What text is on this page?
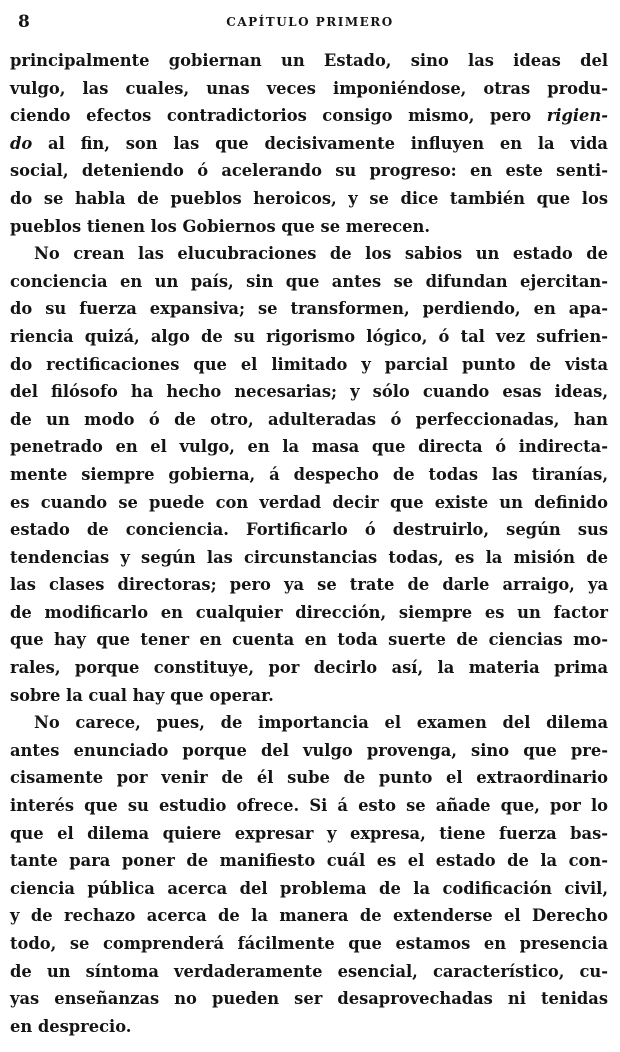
8	CAPÍTULO PRIMERO
principalmente gobiernan un Estado, sino las ideas del
vulgo, las cuales, unas veces imponiéndose, otras produ-
ciendo efectos contradictorios consigo mismo, pero rigien-
do al fin, son las que decisivamente influyen en la vida
social, deteniendo ó acelerando su progreso: en este senti-
do se habla de pueblos heroicos, y se dice también que los
pueblos tienen los Gobiernos que se merecen.
No crean las elucubraciones de los sabios un estado de
conciencia en un país, sin que antes se difundan ejercitan-
do su fuerza expansiva; se transformen, perdiendo, en apa-
riencia quizá, algo de su rigorismo lógico, ó tal vez sufrien-
do rectificaciones que el limitado y parcial punto de vista
del filósofo ha hecho necesarias; y sólo cuando esas ideas,
de un modo ó de otro, adulteradas ó perfeccionadas, han
penetrado en el vulgo, en la masa que directa ó indirecta-
mente siempre gobierna, á despecho de todas las tiranías,
es cuando se puede con verdad decir que existe un definido
estado de conciencia. Fortificarlo ó destruirlo, según sus
tendencias y según las circunstancias todas, es la misión de
las clases directoras; pero ya se trate de darle arraigo, ya
de modificarlo en cualquier dirección, siempre es un factor
que hay que tener en cuenta en toda suerte de ciencias mo-
rales, porque constituye, por decirlo así, la materia prima
sobre la cual hay que operar.
No carece, pues, de importancia el examen del dilema
antes enunciado porque del vulgo provenga, sino que pre-
cisamente por venir de él sube de punto el extraordinario
interés que su estudio ofrece. Si á esto se añade que, por lo
que el dilema quiere expresar y expresa, tiene fuerza bas-
tante para poner de manifiesto cuál es el estado de la con-
ciencia pública acerca del problema de la codificación civil,
y de rechazo acerca de la manera de extenderse el Derecho
todo, se comprenderá fácilmente que estamos en presencia
de un síntoma verdaderamente esencial, característico, cu-
yas enseñanzas no pueden ser desaprovechadas ni tenidas
en desprecio.
